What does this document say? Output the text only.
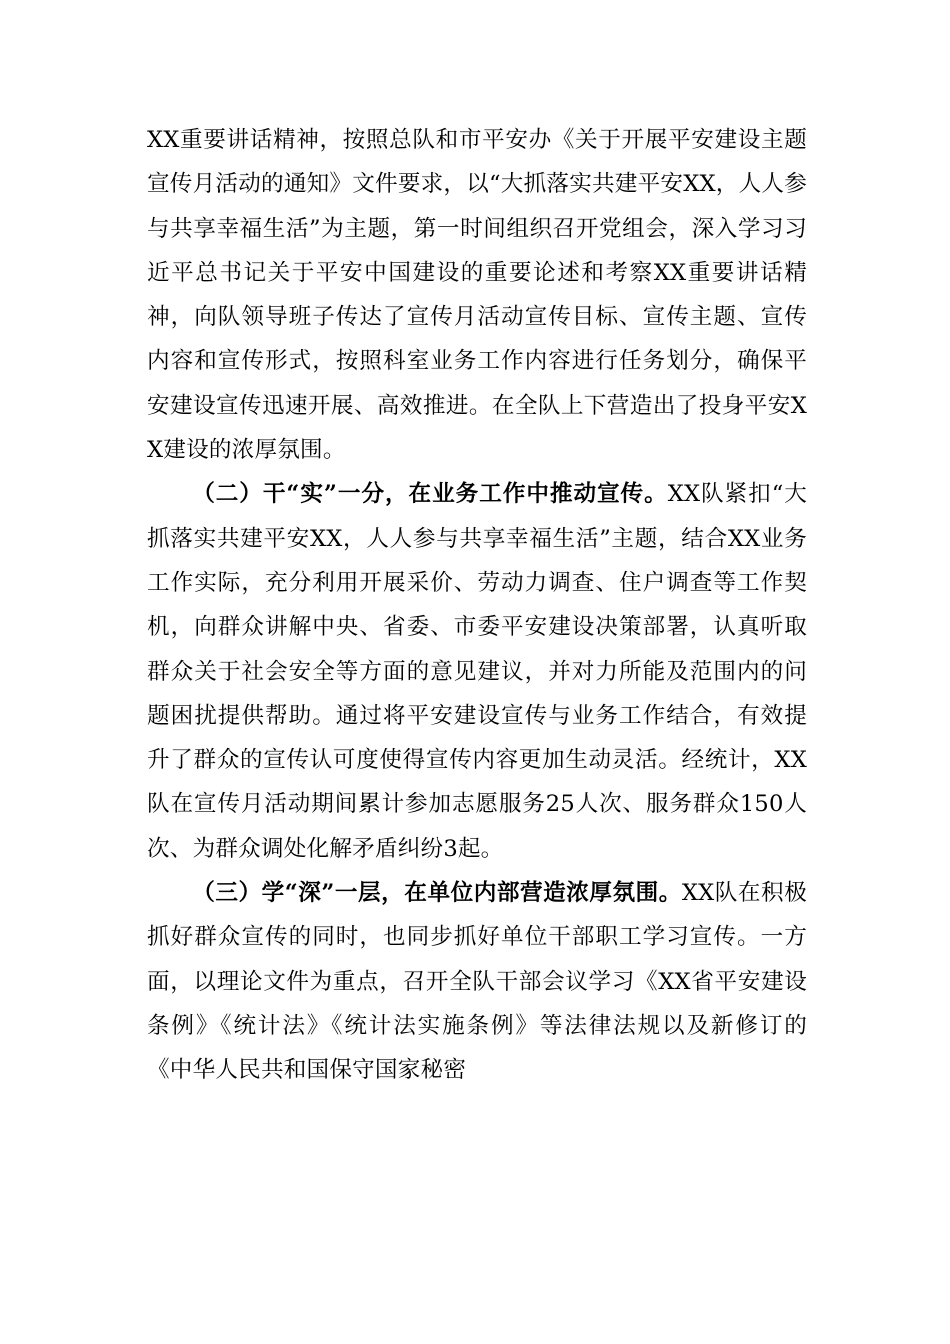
XX重要讲话精神，按照总队和市平安办《关于开展平安建设主题宣传月活动的通知》文件要求，以“大抓落实共建平安XX，人人参与共享幸福生活”为主题，第一时间组织召开党组会，深入学习习近平总书记关于平安中国建设的重要论述和考察XX重要讲话精神，向队领导班子传达了宣传月活动宣传目标、宣传主题、宣传内容和宣传形式，按照科室业务工作内容进行任务划分，确保平安建设宣传迅速开展、高效推进。在全队上下营造出了投身平安XX建设的浓厚氛围。

（二）干“实”一分，在业务工作中推动宣传。XX队紧扣“大抓落实共建平安XX，人人参与共享幸福生活”主题，结合XX业务工作实际，充分利用开展采价、劳动力调查、住户调查等工作契机，向群众讲解中央、省委、市委平安建设决策部署，认真听取群众关于社会安全等方面的意见建议，并对力所能及范围内的问题困扰提供帮助。通过将平安建设宣传与业务工作结合，有效提升了群众的宣传认可度使得宣传内容更加生动灵活。经统计，XX队在宣传月活动期间累计参加志愿服务25人次、服务群众150人次、为群众调处化解矛盾纠纷3起。

（三）学“深”一层，在单位内部营造浓厚氛围。XX队在积极抓好群众宣传的同时，也同步抓好单位干部职工学习宣传。一方面，以理论文件为重点，召开全队干部会议学习《XX省平安建设条例》《统计法》《统计法实施条例》等法律法规以及新修订的《中华人民共和国保守国家秘密
